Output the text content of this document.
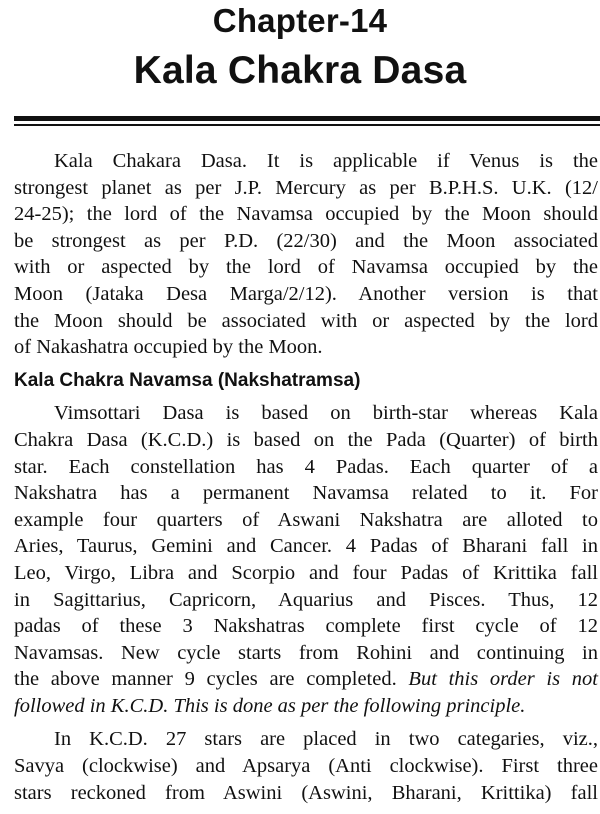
Chapter-14
Kala Chakra Dasa
Kala Chakara Dasa. It is applicable if Venus is the
strongest planet as per J.P. Mercury as per B.P.H.S. U.K. (12/
24-25); the lord of the Navamsa occupied by the Moon should
be strongest as per P.D. (22/30) and the Moon associated
with or aspected by the lord of Navamsa occupied by the
Moon (Jataka Desa Marga/2/12). Another version is that
the Moon should be associated with or aspected by the lord
of Nakashatra occupied by the Moon.
Kala Chakra Navamsa (Nakshatramsa)
Vimsottari Dasa is based on birth-star whereas Kala
Chakra Dasa (K.C.D.) is based on the Pada (Quarter) of birth
star. Each constellation has 4 Padas. Each quarter of a
Nakshatra has a permanent Navamsa related to it. For
example four quarters of Aswani Nakshatra are alloted to
Aries, Taurus, Gemini and Cancer. 4 Padas of Bharani fall in
Leo, Virgo, Libra and Scorpio and four Padas of Krittika fall
in Sagittarius, Capricorn, Aquarius and Pisces. Thus, 12
padas of these 3 Nakshatras complete first cycle of 12
Navamsas. New cycle starts from Rohini and continuing in
the above manner 9 cycles are completed. But this order is not
followed in K.C.D. This is done as per the following principle.
In K.C.D. 27 stars are placed in two categaries, viz.,
Savya (clockwise) and Apsarya (Anti clockwise). First three
stars reckoned from Aswini (Aswini, Bharani, Krittika) fall
